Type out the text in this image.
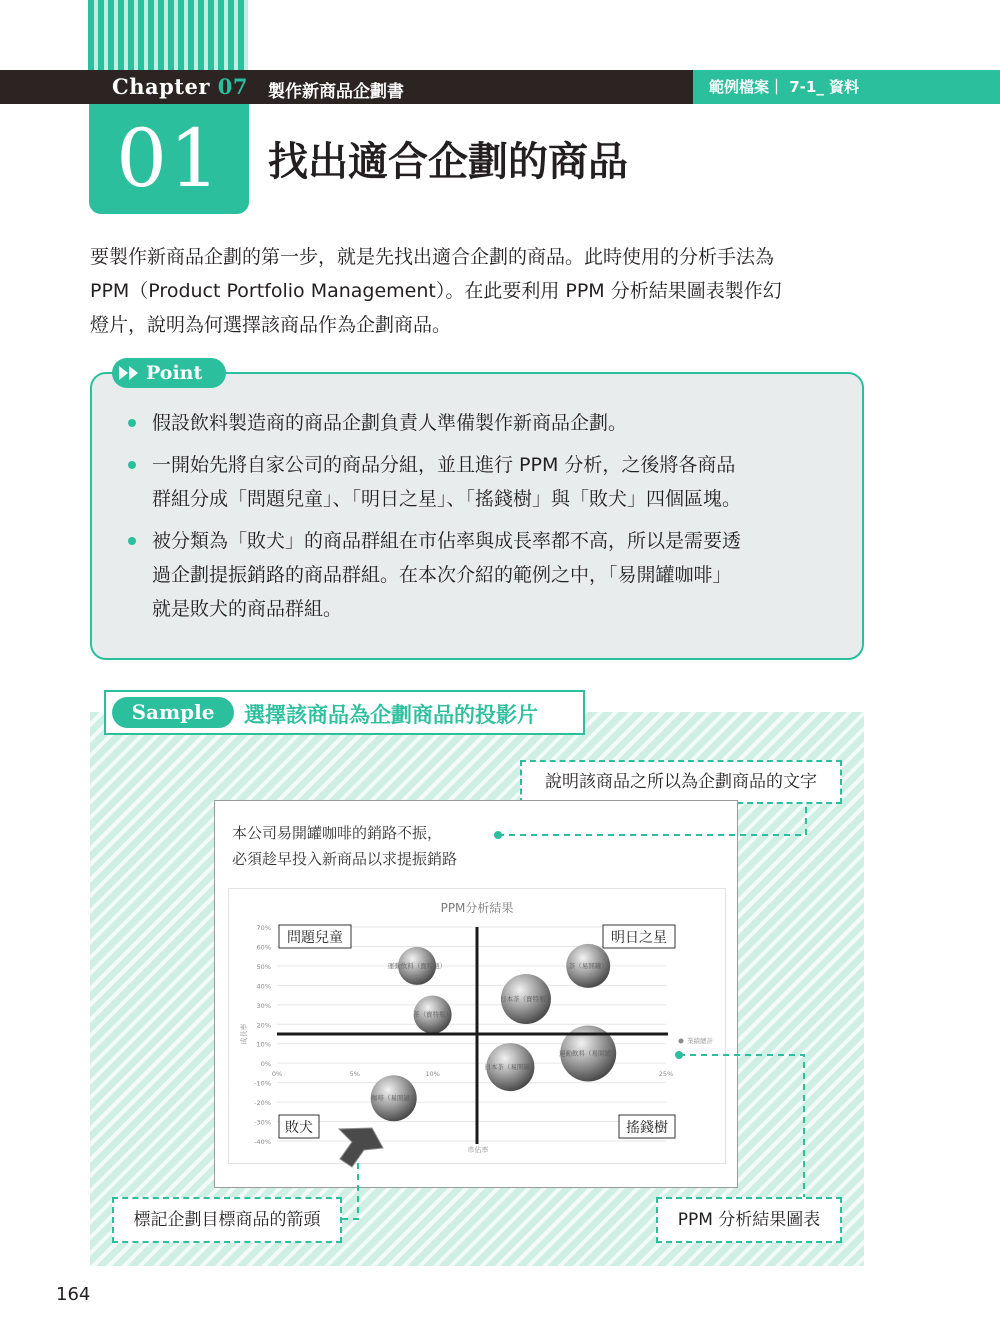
Chapter 07 製作新商品企劃書	範例檔案｜ 7-1_ 資料
01	找出適合企劃的商品

要製作新商品企劃的第一步，就是先找出適合企劃的商品。此時使用的分析手法為

PPM（Product Portfolio Management）。在此要利用 PPM 分析結果圖表製作幻

燈片，說明為何選擇該商品作為企劃商品。

Point

假設飲料製造商的商品企劃負責人準備製作新商品企劃。

一開始先將自家公司的商品分組，並且進行 PPM 分析，之後將各商品

群組分成「問題兒童」、「明日之星」、「搖錢樹」與「敗犬」四個區塊。

被分類為「敗犬」的商品群組在市佔率與成長率都不高，所以是需要透

過企劃提振銷路的商品群組。在本次介紹的範例之中，「易開罐咖啡」

就是敗犬的商品群組。

Sample	選擇該商品為企劃商品的投影片
說明該商品之所以為企劃商品的文字
標記企劃目標商品的箭頭	PPM 分析結果圖表
本公司易開罐咖啡的銷路不振，
必須趁早投入新商品以求提振銷路
70%
60%
50%
40%
30%
20%
10%
0%
-10%
-20%
-30%
-40%
0%	5%	10%	25%
運動飲料（寶特瓶）	茶（易開罐）
日本茶（寶特瓶）
茶（寶特瓶）
運動飲料（易開罐）
日本茶（易開罐）
咖啡（易開罐）
PPM分析結果
市佔率
成長率
問題兒童	明日之星
敗犬	搖錢樹
業績總計
164
